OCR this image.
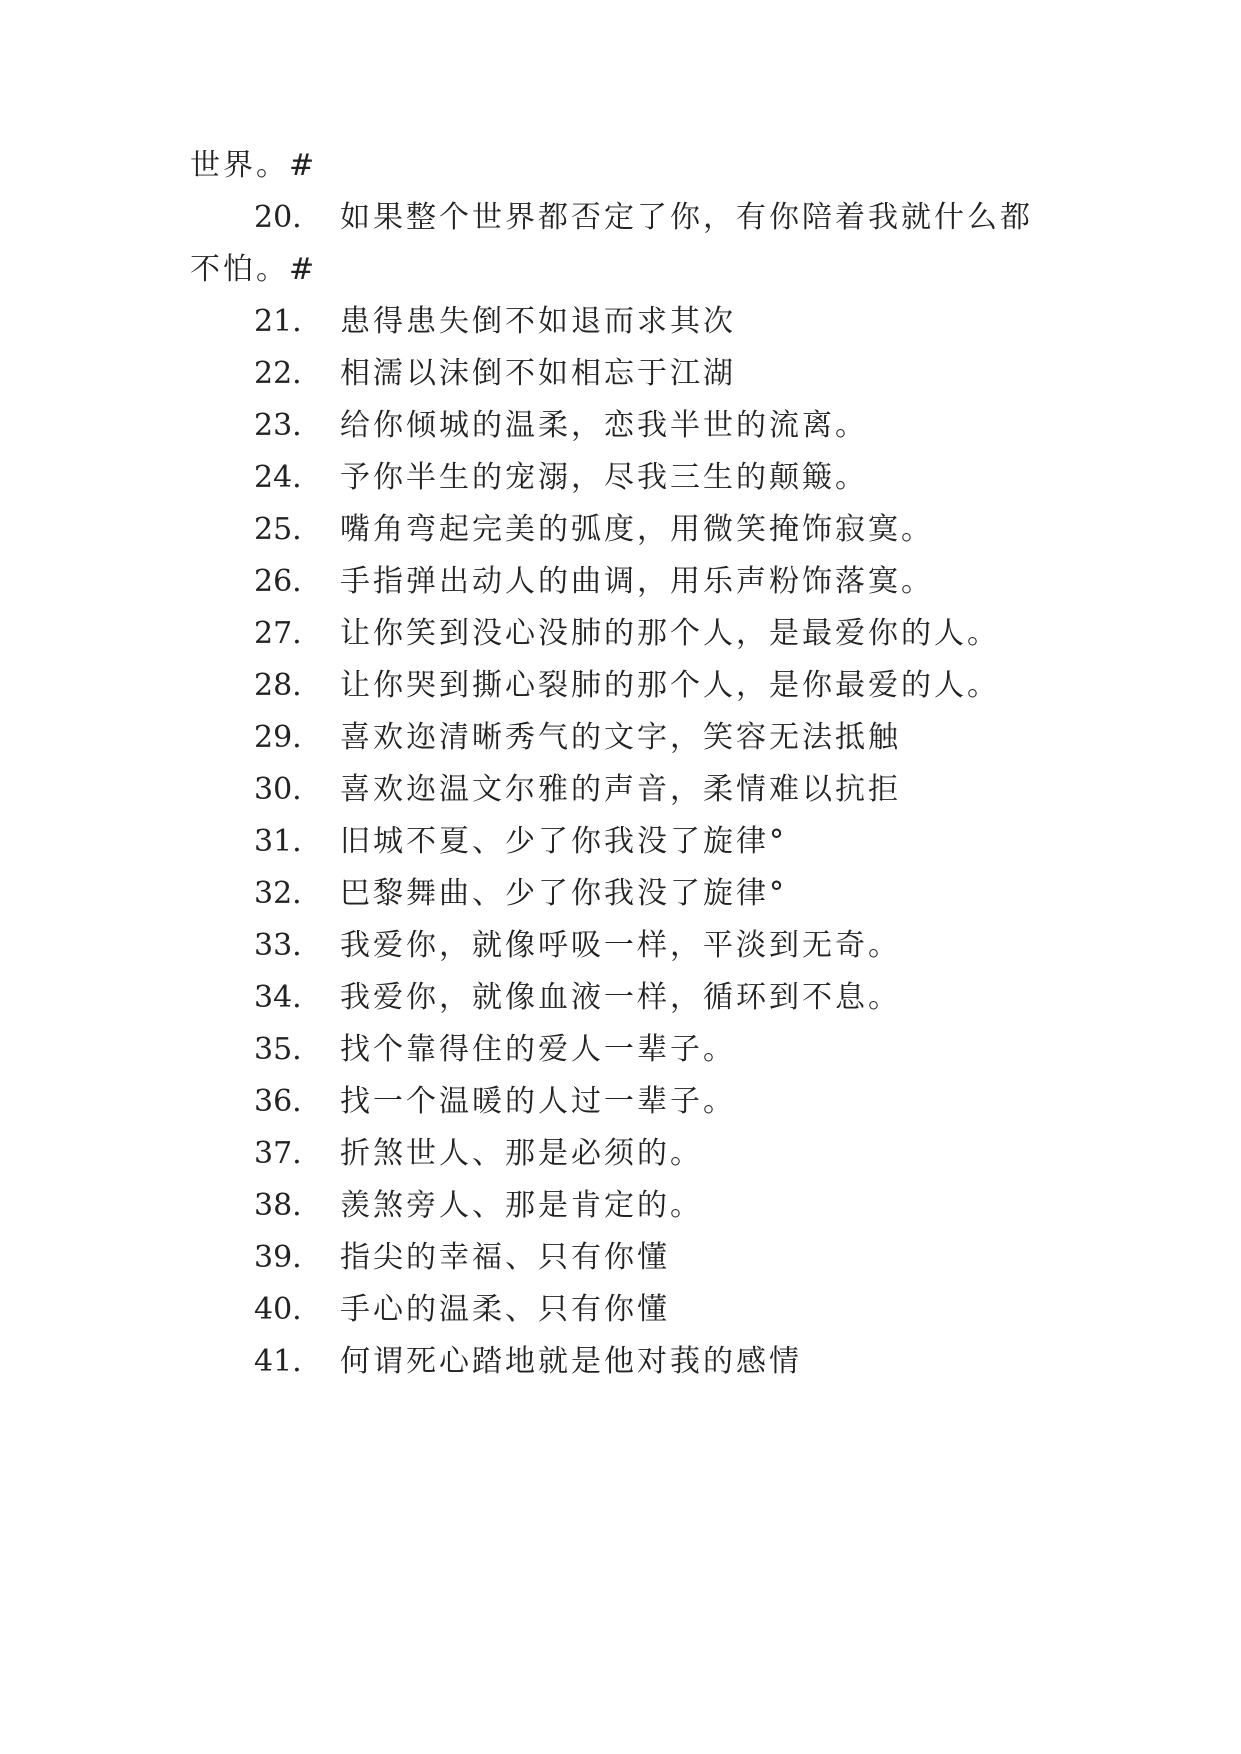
世界。#
20.	如果整个世界都否定了你，有你陪着我就什么都
不怕。#
21.	患得患失倒不如退而求其次
22.	相濡以沫倒不如相忘于江湖
23.	给你倾城的温柔，恋我半世的流离。
24.	予你半生的宠溺，尽我三生的颠簸。
25.	嘴角弯起完美的弧度，用微笑掩饰寂寞。
26.	手指弹出动人的曲调，用乐声粉饰落寞。
27.	让你笑到没心没肺的那个人，是最爱你的人。
28.	让你哭到撕心裂肺的那个人，是你最爱的人。
29.	喜欢迩清晰秀气的文字，笑容无法抵触
30.	喜欢迩温文尔雅的声音，柔情难以抗拒
31.	旧城不夏、少了你我没了旋律°
32.	巴黎舞曲、少了你我没了旋律°
33.	我爱你，就像呼吸一样，平淡到无奇。
34.	我爱你，就像血液一样，循环到不息。
35.	找个靠得住的爱人一辈子。
36.	找一个温暖的人过一辈子。
37.	折煞世人、那是必须的。
38.	羡煞旁人、那是肯定的。
39.	指尖的幸福、只有你懂
40.	手心的温柔、只有你懂
41.	何谓死心踏地就是他对莪的感情
